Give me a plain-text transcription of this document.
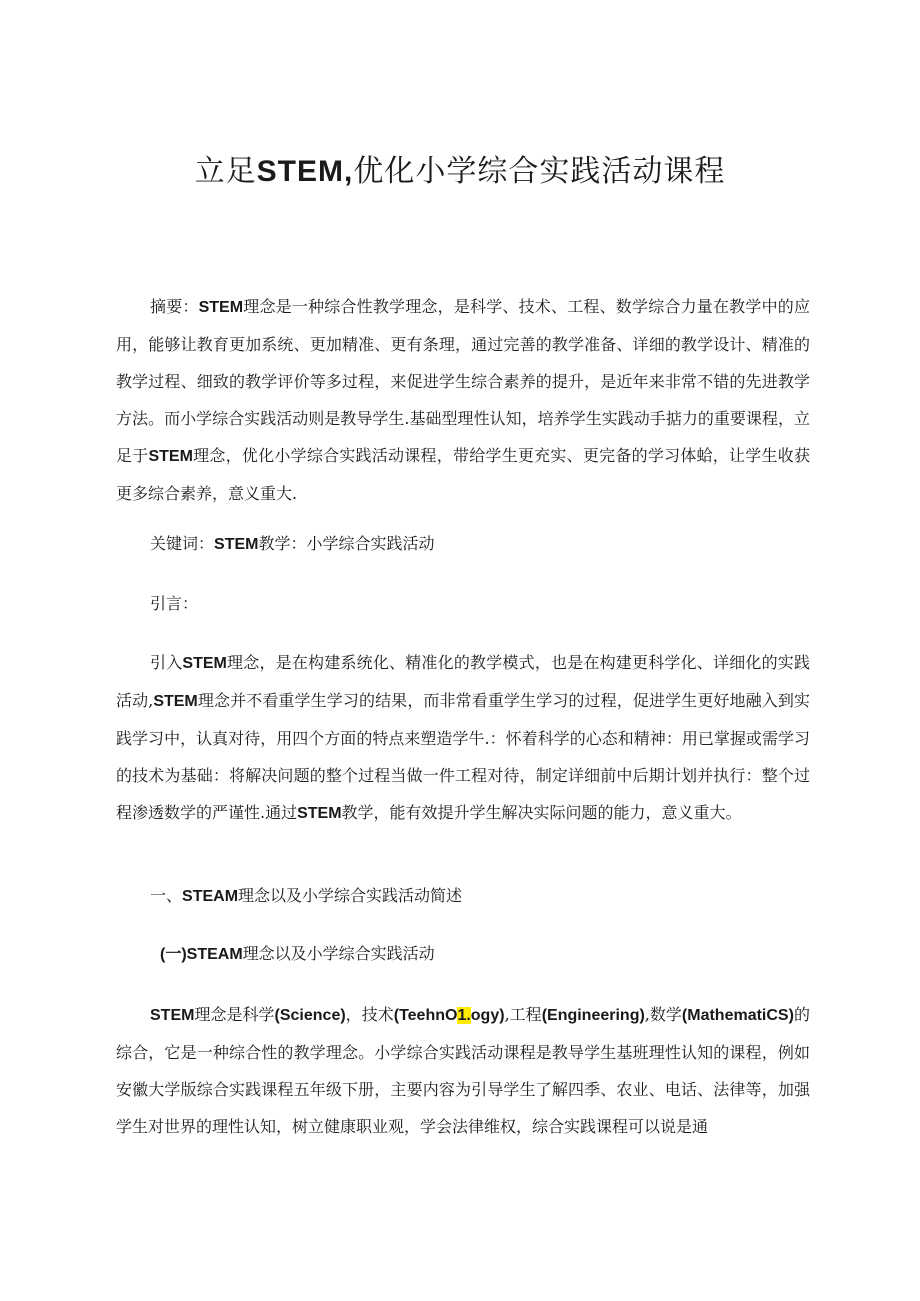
立足STEM,优化小学综合实践活动课程

摘要：STEM理念是一种综合性教学理念，是科学、技术、工程、数学综合力量在教学中的应用，能够让教育更加系统、更加精准、更有条理，通过完善的教学准备、详细的教学设计、精准的教学过程、细致的教学评价等多过程，来促进学生综合素养的提升，是近年来非常不错的先进教学方法。而小学综合实践活动则是教导学生.基础型理性认知，培养学生实践动手掂力的重要课程，立足于STEM理念，优化小学综合实践活动课程，带给学生更充实、更完备的学习体蛤，让学生收获更多综合素养，意义重大.

关键词：STEM教学：小学综合实践活动

引言：

引入STEM理念，是在构建系统化、精准化的教学模式，也是在构建更科学化、详细化的实践活动,STEM理念并不看重学生学习的结果，而非常看重学生学习的过程，促进学生更好地融入到实践学习中，认真对待，用四个方面的特点来塑造学牛.：怀着科学的心态和精神：用已掌握或需学习的技术为基础：将解决问题的整个过程当做一件工程对待，制定详细前中后期计划并执行：整个过程渗透数学的严谨性.通过STEM教学，能有效提升学生解决实际问题的能力，意义重大。

一、STEAM理念以及小学综合实践活动简述

(一)STEAM理念以及小学综合实践活动

STEM理念是科学(Science)，技术(TeehnO1.ogy),工程(Engineering),数学(MathematiCS)的综合，它是一种综合性的教学理念。小学综合实践活动课程是教导学生基班理性认知的课程，例如安徽大学版综合实践课程五年级下册，主要内容为引导学生了解四季、农业、电话、法律等，加强学生对世界的理性认知，树立健康职业观，学会法律维权，综合实践课程可以说是通
